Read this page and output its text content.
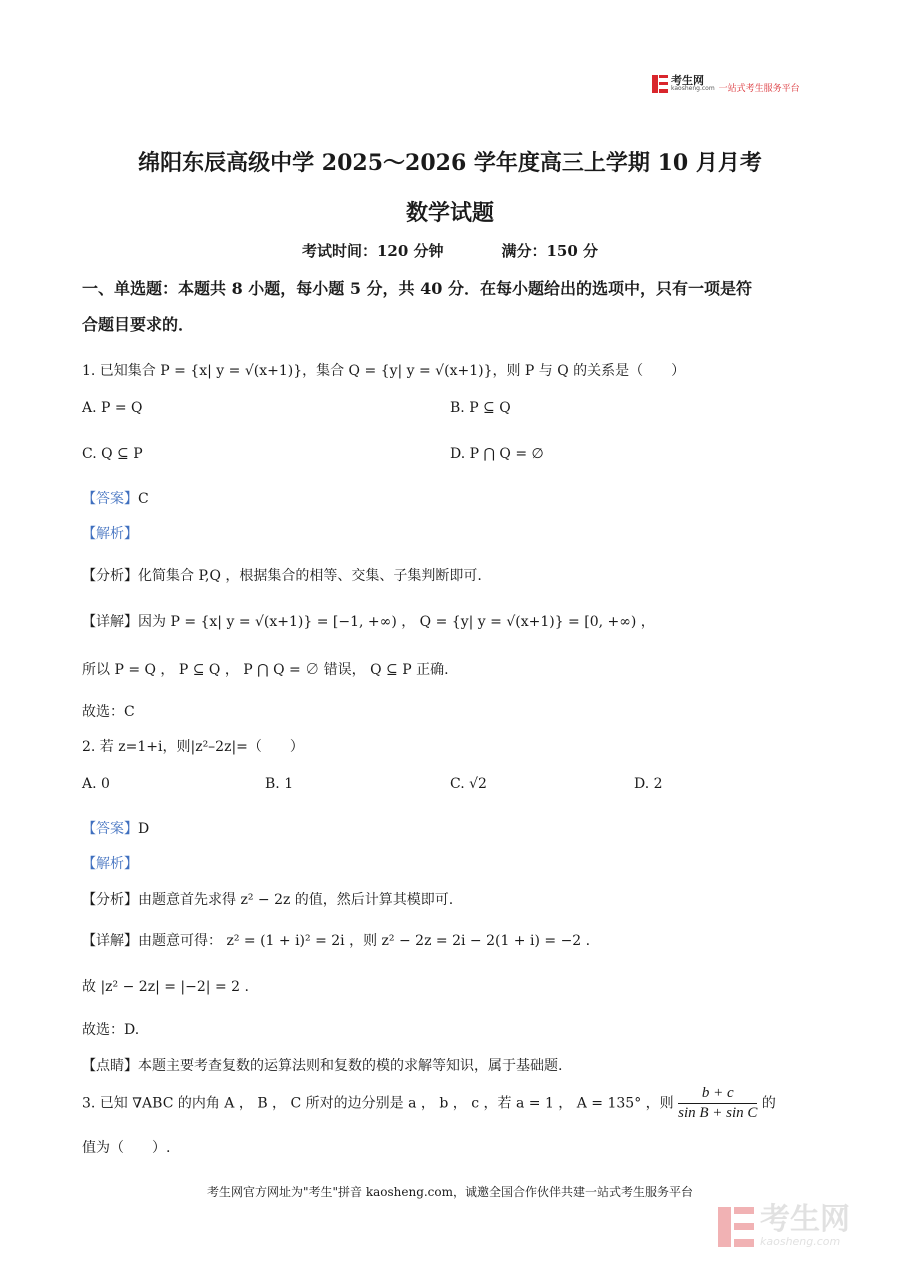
考生网
kaosheng.com 一站式考生服务平台
绵阳东辰高级中学 2025～2026 学年度高三上学期 10 月月考
数学试题
考试时间：120 分钟	满分：150 分
一、单选题：本题共 8 小题，每小题 5 分，共 40 分．在每小题给出的选项中，只有一项是符
合题目要求的．
1. 已知集合 P = {x| y = √(x+1)}，集合 Q = {y| y = √(x+1)}，则 P 与 Q 的关系是（　　）
A. P = Q	B. P ⊆ Q
C. Q ⊆ P	D. P ⋂ Q = ∅
【答案】C
【解析】
【分析】化简集合 P,Q ，根据集合的相等、交集、子集判断即可.
【详解】因为 P = {x| y = √(x+1)} = [−1, +∞) ， Q = {y| y = √(x+1)} = [0, +∞) ，
所以 P = Q ， P ⊆ Q ， P ⋂ Q = ∅ 错误， Q ⊆ P 正确.
故选：C
2. 若 z=1+i，则|z²–2z|=（　　）
A. 0	B. 1	C. √2	D. 2
【答案】D
【解析】
【分析】由题意首先求得 z² − 2z 的值，然后计算其模即可.
【详解】由题意可得： z² = (1 + i)² = 2i ，则 z² − 2z = 2i − 2(1 + i) = −2 .
故 |z² − 2z| = |−2| = 2 .
故选：D.
【点睛】本题主要考查复数的运算法则和复数的模的求解等知识，属于基础题.
3. 已知 ∇ABC 的内角 A ， B ， C 所对的边分别是 a ， b ， c ，若 a = 1 ， A = 135° ，则 $\frac{b + c}{\text{sin B + sin C}}$ 的
值为（　　）.
考生网官方网址为"考生"拼音 kaosheng.com，诚邀全国合作伙伴共建一站式考生服务平台
考生网
kaosheng.com
